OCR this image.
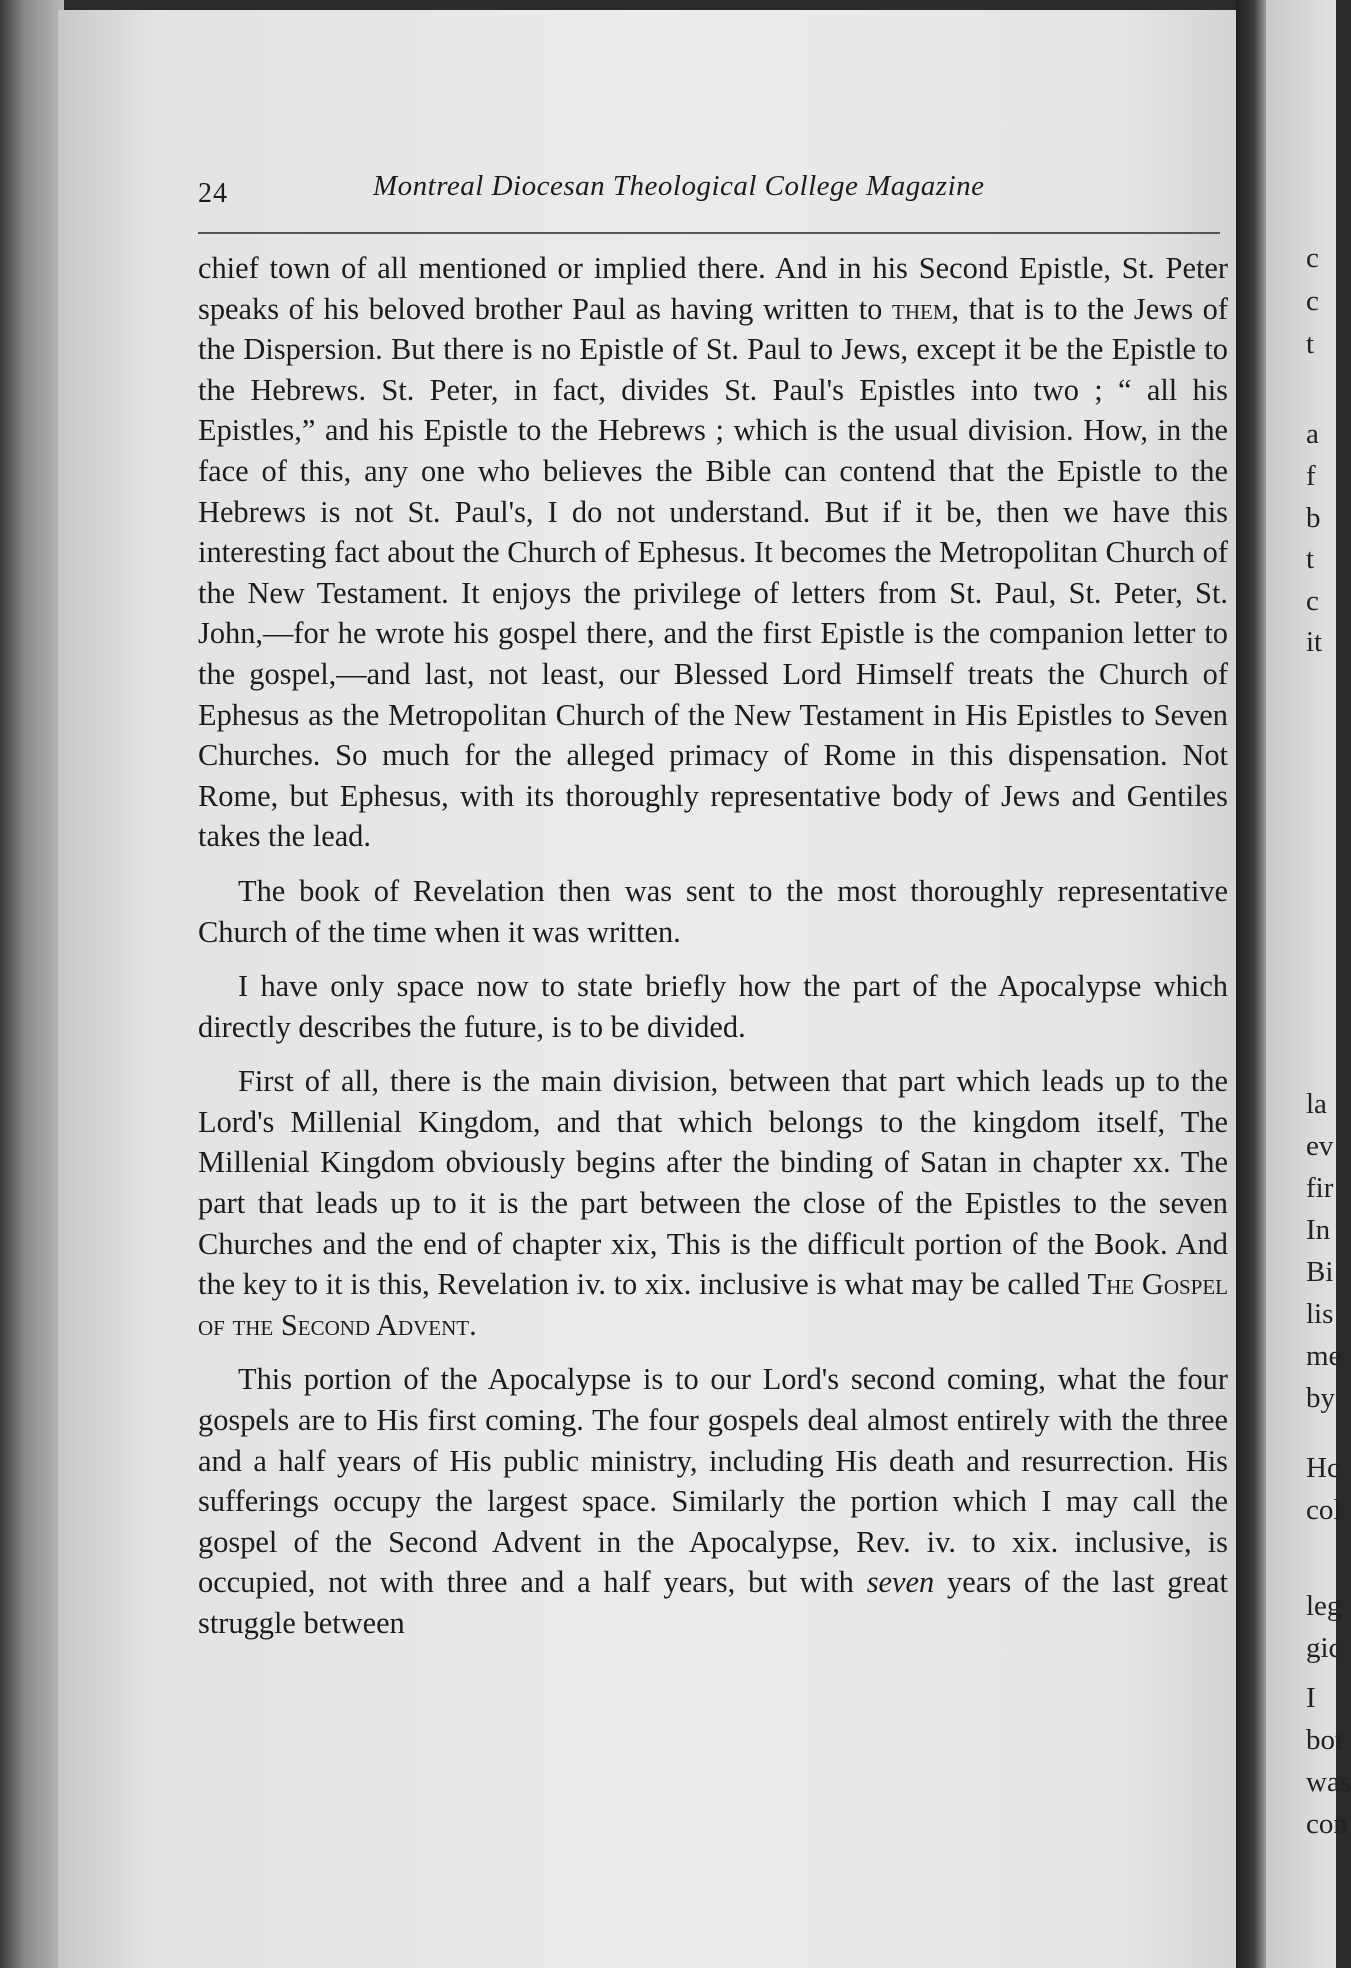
24	Montreal Diocesan Theological College Magazine

chief town of all mentioned or implied there. And in his Second Epistle, St. Peter speaks of his beloved brother Paul as having written to them, that is to the Jews of the Dispersion. But there is no Epistle of St. Paul to Jews, except it be the Epistle to the Hebrews. St. Peter, in fact, divides St. Paul's Epistles into two ; “ all his Epistles,” and his Epistle to the Hebrews ; which is the usual division. How, in the face of this, any one who believes the Bible can contend that the Epistle to the Hebrews is not St. Paul's, I do not understand. But if it be, then we have this interesting fact about the Church of Ephesus. It becomes the Metropolitan Church of the New Testament. It enjoys the privilege of letters from St. Paul, St. Peter, St. John,—for he wrote his gospel there, and the first Epistle is the companion letter to the gospel,—and last, not least, our Blessed Lord Himself treats the Church of Ephesus as the Metropolitan Church of the New Testament in His Epistles to Seven Churches. So much for the alleged primacy of Rome in this dispensation. Not Rome, but Ephesus, with its thoroughly representative body of Jews and Gentiles takes the lead.

The book of Revelation then was sent to the most thoroughly representative Church of the time when it was written.

I have only space now to state briefly how the part of the Apocalypse which directly describes the future, is to be divided.

First of all, there is the main division, between that part which leads up to the Lord's Millenial Kingdom, and that which belongs to the kingdom itself, The Millenial Kingdom obviously begins after the binding of Satan in chapter xx. The part that leads up to it is the part between the close of the Epistles to the seven Churches and the end of chapter xix, This is the difficult portion of the Book. And the key to it is this, Revelation iv. to xix. inclusive is what may be called The Gospel of the Second Advent.

This portion of the Apocalypse is to our Lord's second coming, what the four gospels are to His first coming. The four gospels deal almost entirely with the three and a half years of His public ministry, including His death and resurrection. His sufferings occupy the largest space. Similarly the portion which I may call the gospel of the Second Advent in the Apocalypse, Rev. iv. to xix. inclusive, is occupied, not with three and a half years, but with seven years of the last great struggle between

c
c
t
a
f
b
t
c
it
la
ev
fir
In
Bi
lis
me
by
Hc
col
leg
gic
I
bot
was
con
